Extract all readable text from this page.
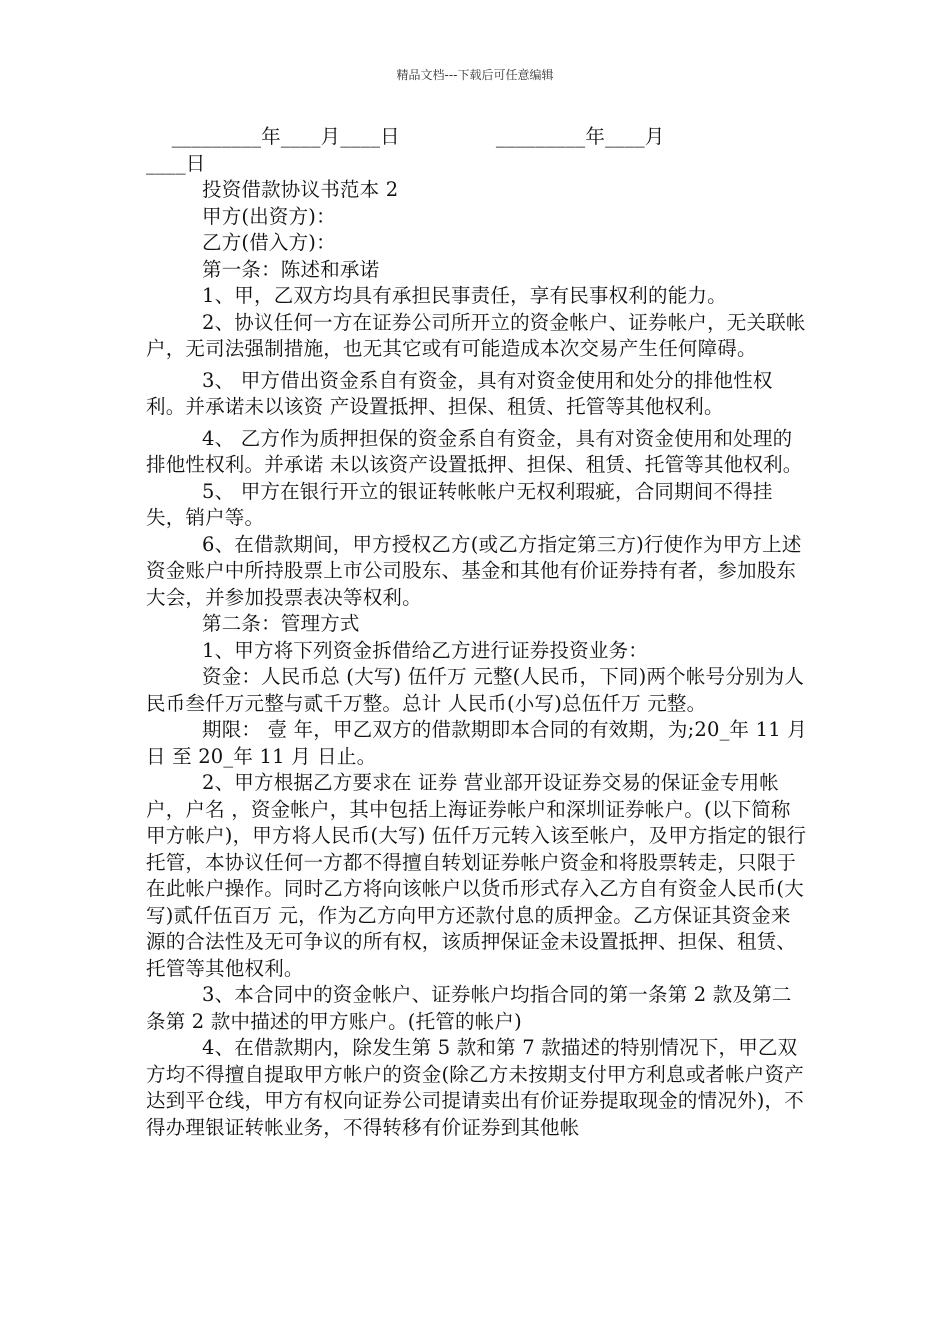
精品文档---下载后可任意编辑

_________年____月____日               _________年____月

____日

投资借款协议书范本 2

甲方(出资方)：

乙方(借入方)：

第一条：陈述和承诺

1、甲，乙双方均具有承担民事责任，享有民事权利的能力。

2、协议任何一方在证券公司所开立的资金帐户、证券帐户，无关联帐户，无司法强制措施，也无其它或有可能造成本次交易产生任何障碍。

3、 甲方借出资金系自有资金，具有对资金使用和处分的排他性权利。并承诺未以该资 产设置抵押、担保、租赁、托管等其他权利。

4、 乙方作为质押担保的资金系自有资金，具有对资金使用和处理的排他性权利。并承诺 未以该资产设置抵押、担保、租赁、托管等其他权利。

5、 甲方在银行开立的银证转帐帐户无权利瑕疵，合同期间不得挂失，销户等。

6、在借款期间，甲方授权乙方(或乙方指定第三方)行使作为甲方上述资金账户中所持股票上市公司股东、基金和其他有价证券持有者，参加股东大会，并参加投票表决等权利。

第二条：管理方式

1、甲方将下列资金拆借给乙方进行证券投资业务：

资金：人民币总 (大写) 伍仟万 元整(人民币，下同)两个帐号分别为人民币叁仟万元整与贰千万整。总计 人民币(小写)总伍仟万 元整。

期限： 壹 年，甲乙双方的借款期即本合同的有效期，为;20_年 11 月 日 至 20_年 11 月 日止。

2、甲方根据乙方要求在 证券 营业部开设证券交易的保证金专用帐户，户名 ，资金帐户，其中包括上海证券帐户和深圳证券帐户。(以下简称甲方帐户)，甲方将人民币(大写) 伍仟万元转入该至帐户，及甲方指定的银行托管，本协议任何一方都不得擅自转划证券帐户资金和将股票转走，只限于在此帐户操作。同时乙方将向该帐户以货币形式存入乙方自有资金人民币(大写)贰仟伍百万 元，作为乙方向甲方还款付息的质押金。乙方保证其资金来源的合法性及无可争议的所有权，该质押保证金未设置抵押、担保、租赁、托管等其他权利。

3、本合同中的资金帐户、证券帐户均指合同的第一条第 2 款及第二条第 2 款中描述的甲方账户。(托管的帐户)

4、在借款期内，除发生第 5 款和第 7 款描述的特别情况下，甲乙双方均不得擅自提取甲方帐户的资金(除乙方未按期支付甲方利息或者帐户资产达到平仓线，甲方有权向证券公司提请卖出有价证券提取现金的情况外)，不得办理银证转帐业务，不得转移有价证券到其他帐
